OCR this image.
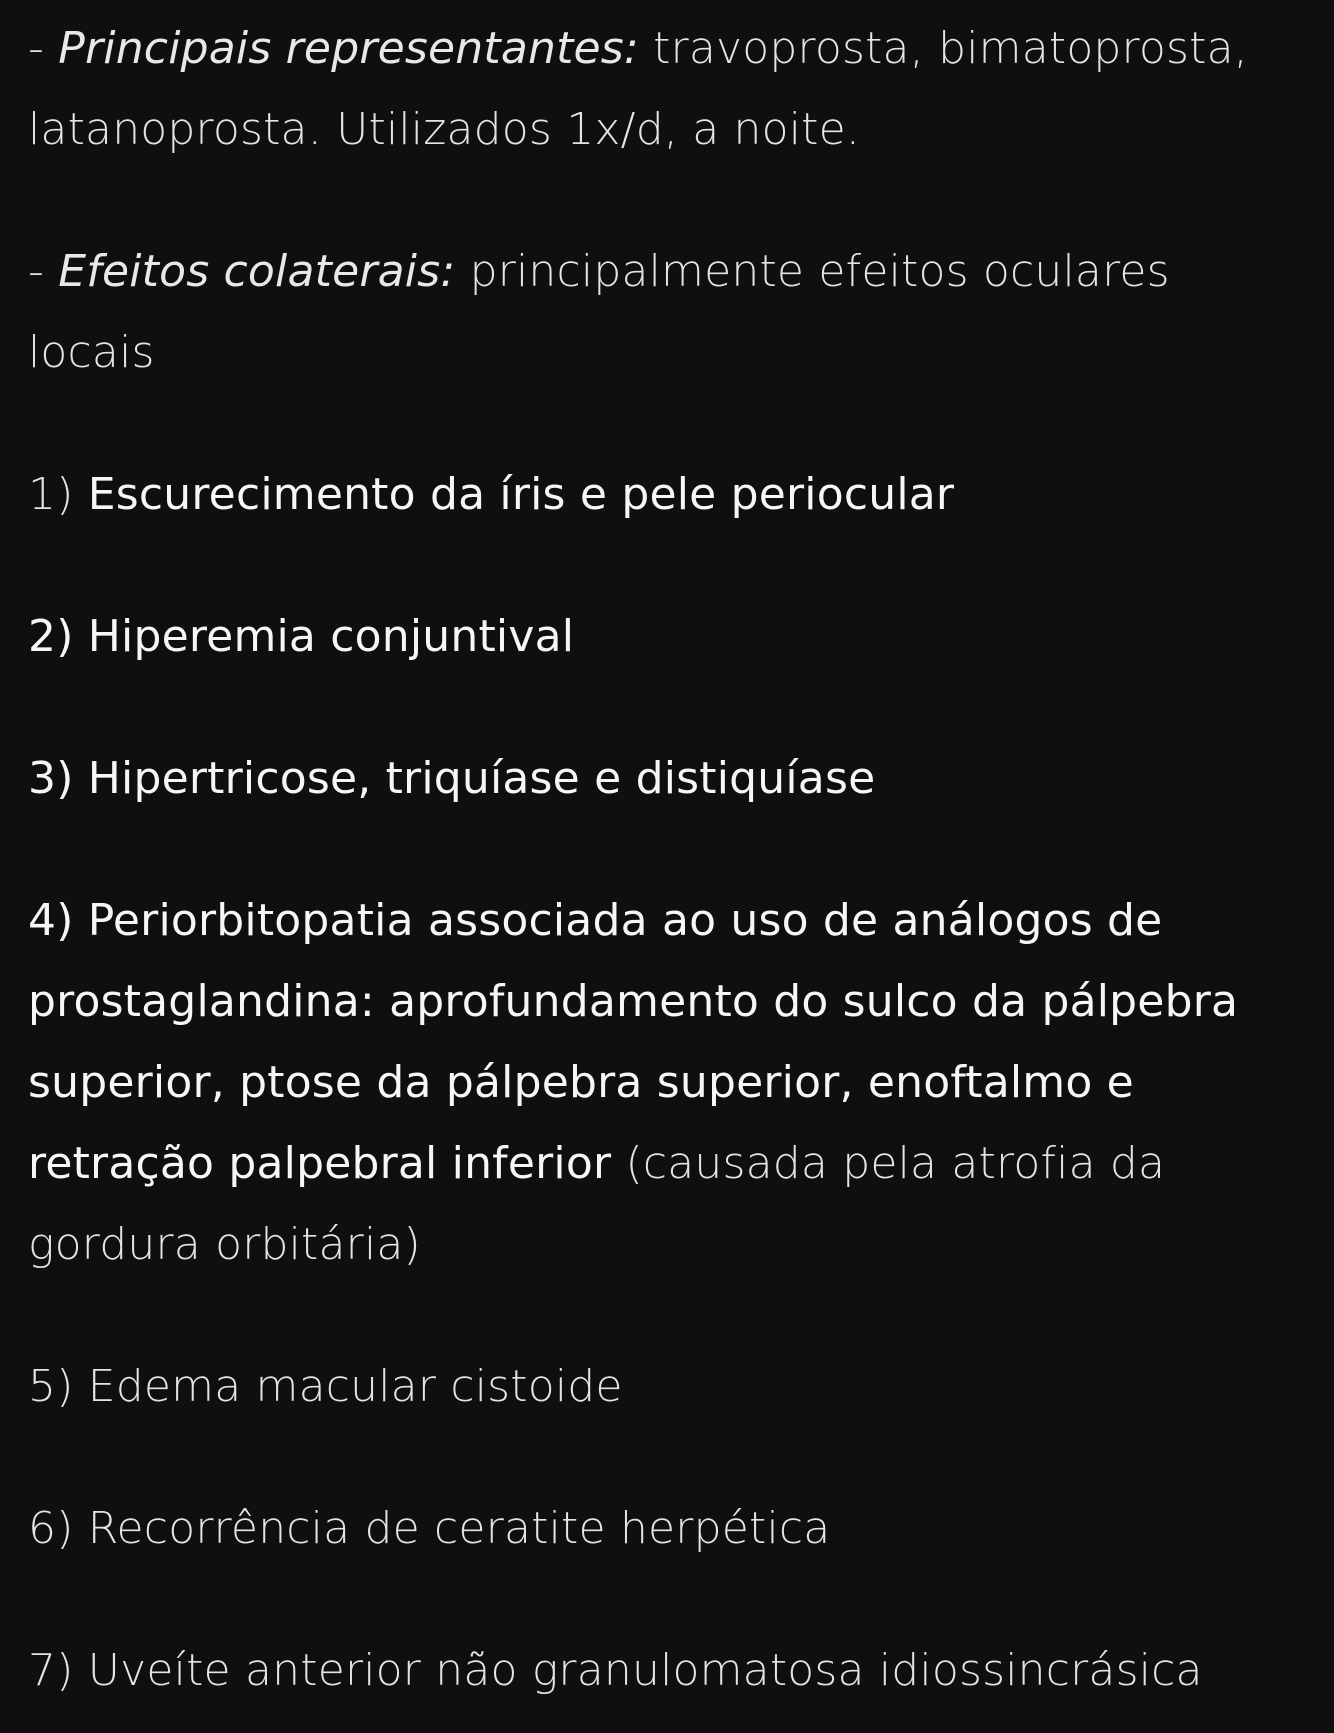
- Principais representantes: travoprosta, bimatoprosta, latanoprosta. Utilizados 1x/d, a noite.

- Efeitos colaterais: principalmente efeitos oculares locais

1) Escurecimento da íris e pele periocular

2) Hiperemia conjuntival

3) Hipertricose, triquíase e distiquíase

4) Periorbitopatia associada ao uso de análogos de prostaglandina: aprofundamento do sulco da pálpebra superior, ptose da pálpebra superior, enoftalmo e retração palpebral inferior (causada pela atrofia da gordura orbitária)

5) Edema macular cistoide

6) Recorrência de ceratite herpética

7) Uveíte anterior não granulomatosa idiossincrásica
